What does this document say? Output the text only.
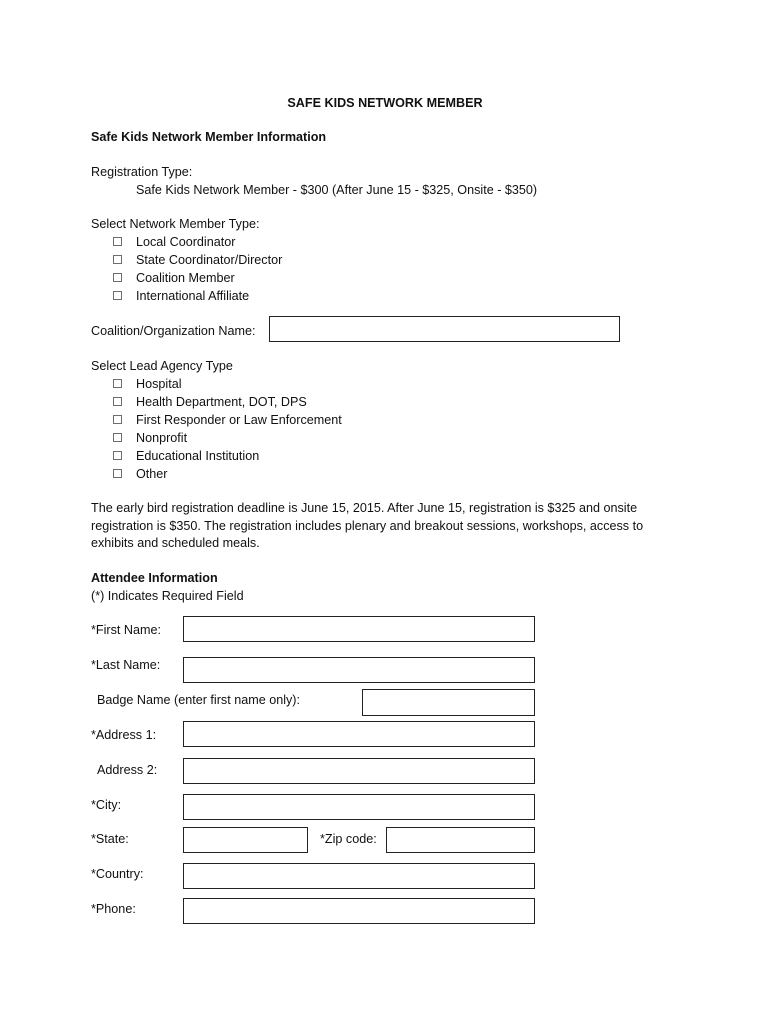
SAFE KIDS NETWORK MEMBER
Safe Kids Network Member Information
Registration Type:
Safe Kids Network Member - $300 (After June 15 - $325, Onsite - $350)
Select Network Member Type:
Local Coordinator
State Coordinator/Director
Coalition Member
International Affiliate
Coalition/Organization Name:
Select Lead Agency Type
Hospital
Health Department, DOT, DPS
First Responder or Law Enforcement
Nonprofit
Educational Institution
Other
The early bird registration deadline is June 15, 2015. After June 15, registration is $325 and onsite registration is $350. The registration includes plenary and breakout sessions, workshops, access to exhibits and scheduled meals.
Attendee Information
(*) Indicates Required Field
*First Name:
*Last Name:
Badge Name (enter first name only):
*Address 1:
Address 2:
*City:
*State:	*Zip code:
*Country:
*Phone:
